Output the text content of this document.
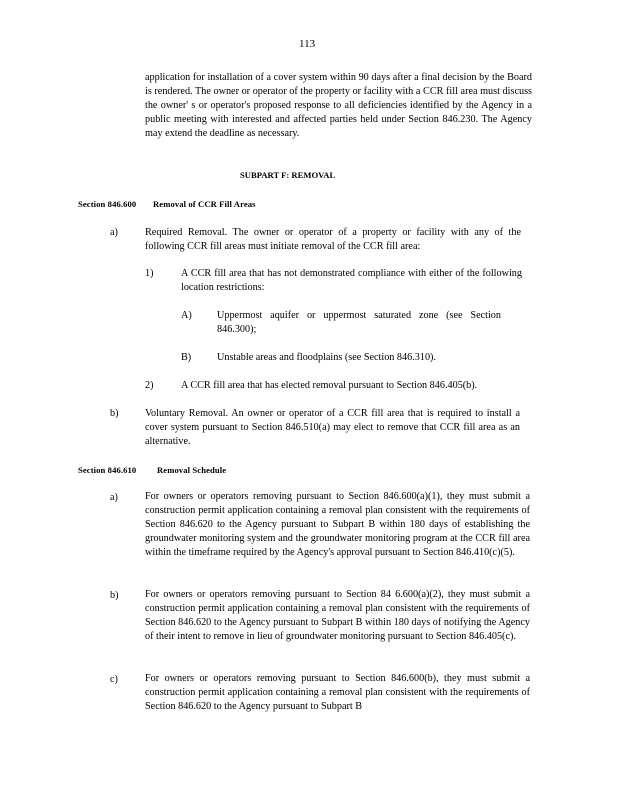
113
application for installation of a cover system within 90 days after a final decision by the Board is rendered. The owner or operator of the property or facility with a CCR fill area must discuss the owner' s or operator's proposed response to all deficiencies identified by the Agency in a public meeting with interested and affected parties held under Section 846.230. The Agency may extend the deadline as necessary.
SUBPART F: REMOVAL
Section 846.600 Removal of CCR Fill Areas
a)	Required Removal. The owner or operator of a property or facility with any of the following CCR fill areas must initiate removal of the CCR fill area:
1)	A CCR fill area that has not demonstrated compliance with either of the following location restrictions:
A) Uppermost aquifer or uppermost saturated zone (see Section 846.300);
B)	Unstable areas and floodplains (see Section 846.310).
2)	A CCR fill area that has elected removal pursuant to Section 846.405(b).
b)	Voluntary Removal. An owner or operator of a CCR fill area that is required to install a cover system pursuant to Section 846.510(a) may elect to remove that CCR fill area as an alternative.
Section 846.610 Removal Schedule
a)	For owners or operators removing pursuant to Section 846.600(a)(1), they must submit a construction permit application containing a removal plan consistent with the requirements of Section 846.620 to the Agency pursuant to Subpart B within 180 days of establishing the groundwater monitoring system and the groundwater monitoring program at the CCR fill area within the timeframe required by the Agency's approval pursuant to Section 846.410(c)(5).
b)	For owners or operators removing pursuant to Section 84 6.600(a)(2), they must submit a construction permit application containing a removal plan consistent with the requirements of Section 846.620 to the Agency pursuant to Subpart B within 180 days of notifying the Agency of their intent to remove in lieu of groundwater monitoring pursuant to Section 846.405(c).
c)	For owners or operators removing pursuant to Section 846.600(b), they must submit a construction permit application containing a removal plan consistent with the requirements of Section 846.620 to the Agency pursuant to Subpart B
